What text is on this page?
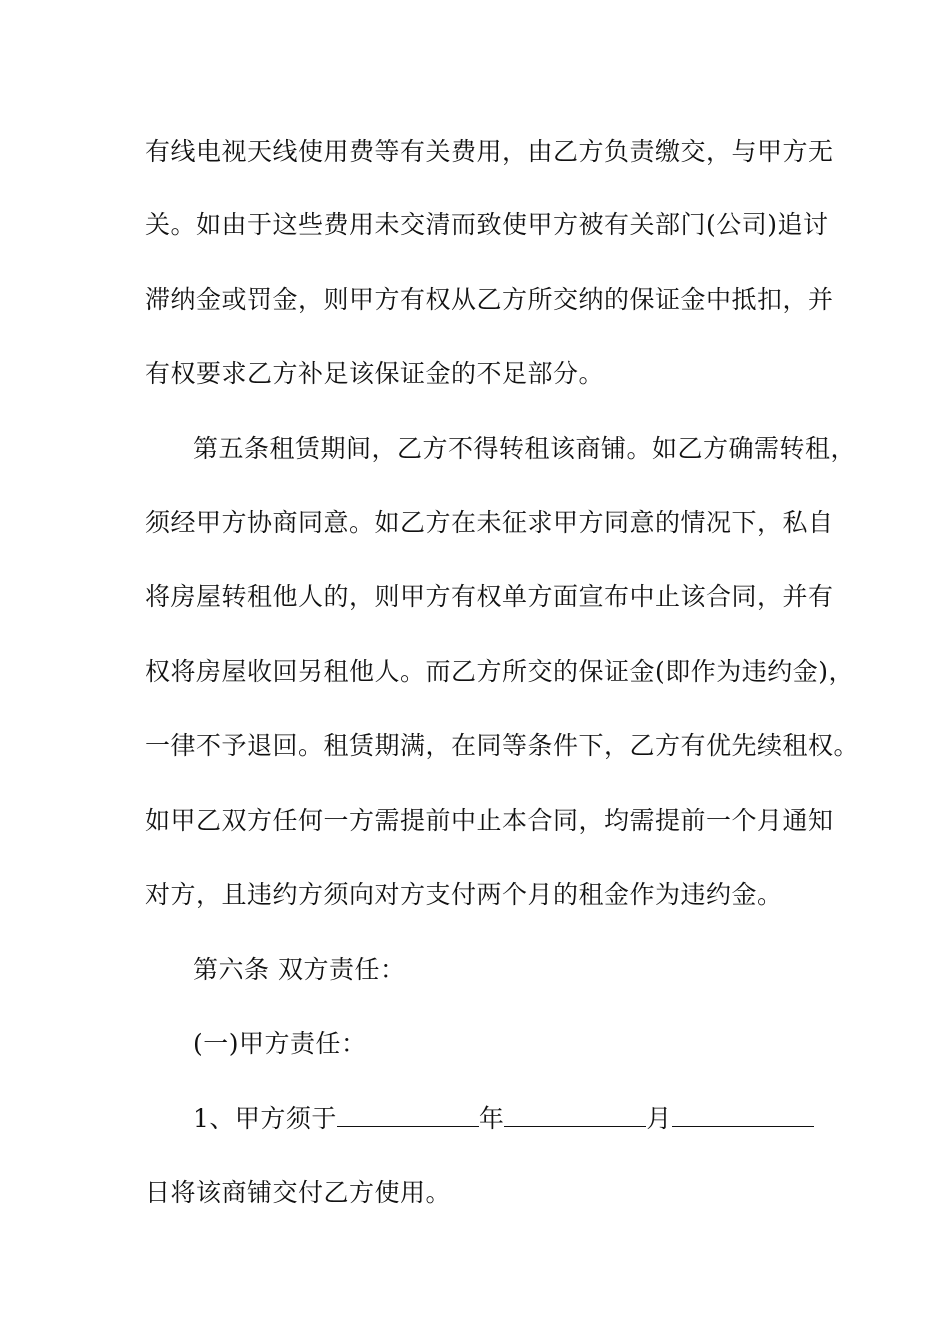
有线电视天线使用费等有关费用，由乙方负责缴交，与甲方无
关。如由于这些费用未交清而致使甲方被有关部门(公司)追讨
滞纳金或罚金，则甲方有权从乙方所交纳的保证金中抵扣，并
有权要求乙方补足该保证金的不足部分。
第五条租赁期间，乙方不得转租该商铺。如乙方确需转租，
须经甲方协商同意。如乙方在未征求甲方同意的情况下，私自
将房屋转租他人的，则甲方有权单方面宣布中止该合同，并有
权将房屋收回另租他人。而乙方所交的保证金(即作为违约金)，
一律不予退回。租赁期满，在同等条件下，乙方有优先续租权。
如甲乙双方任何一方需提前中止本合同，均需提前一个月通知
对方，且违约方须向对方支付两个月的租金作为违约金。
第六条 双方责任：
(一)甲方责任：
1、甲方须于	年	月
日将该商铺交付乙方使用。
